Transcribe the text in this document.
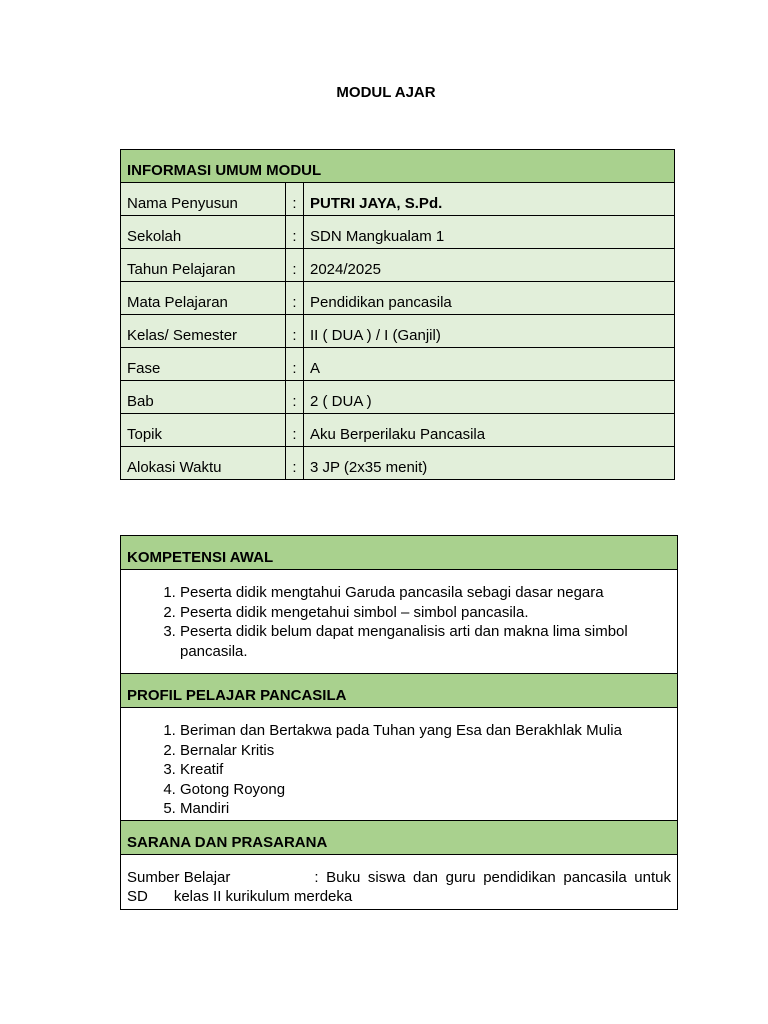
MODUL AJAR
INFORMASI UMUM MODUL		
Nama Penyusun	:	PUTRI JAYA, S.Pd.
Sekolah	:	SDN Mangkualam 1
Tahun Pelajaran	:	2024/2025
Mata Pelajaran	:	Pendidikan pancasila
Kelas/ Semester	:	II ( DUA ) / I (Ganjil)
Fase	:	A
Bab	:	2 ( DUA )
Topik	:	Aku Berperilaku Pancasila
Alokasi Waktu	:	3 JP (2x35 menit)
KOMPETENSI AWAL

1. Peserta didik mengtahui Garuda pancasila sebagi dasar negara
2. Peserta didik mengetahui simbol – simbol pancasila.
3. Peserta didik belum dapat menganalisis arti dan makna lima simbol pancasila.

PROFIL PELAJAR PANCASILA

1. Beriman dan Bertakwa pada Tuhan yang Esa dan Berakhlak Mulia
2. Bernalar Kritis
3. Kreatif
4. Gotong Royong
5. Mandiri

SARANA DAN PRASARANA

Sumber Belajar	: Buku siswa dan guru pendidikan pancasila untuk
SD kelas II kurikulum merdeka
